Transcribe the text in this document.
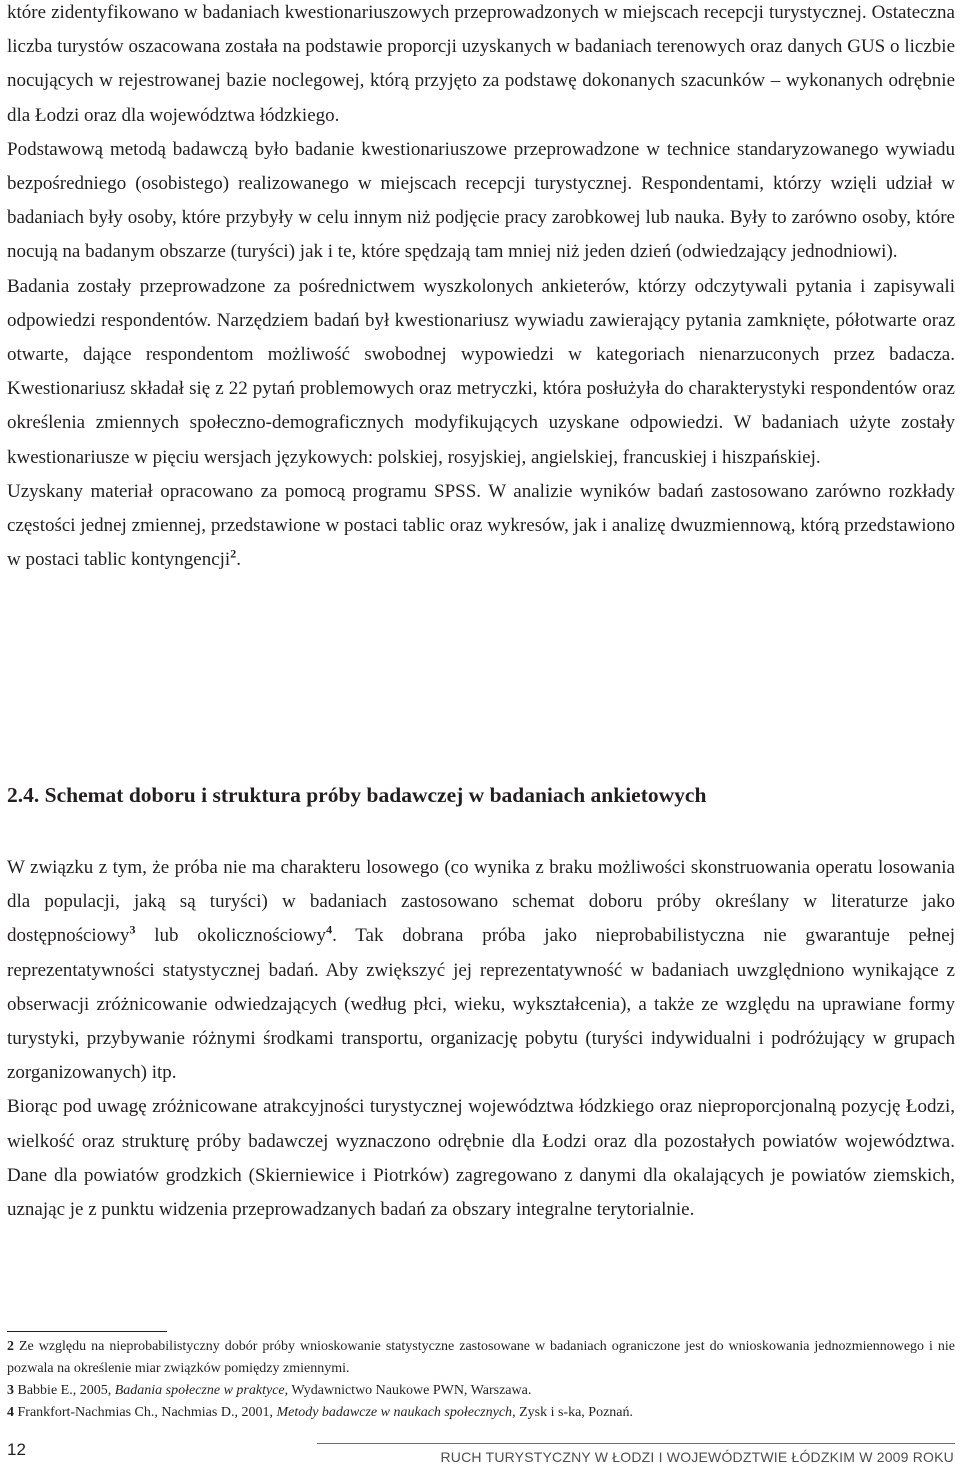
które zidentyfikowano w badaniach kwestionariuszowych przeprowadzonych w miejscach recepcji turystycznej. Ostateczna liczba turystów oszacowana została na podstawie proporcji uzyskanych w badaniach terenowych oraz danych GUS o liczbie nocujących w rejestrowanej bazie noclegowej, którą przyjęto za podstawę dokonanych szacunków – wykonanych odrębnie dla Łodzi oraz dla województwa łódzkiego.

Podstawową metodą badawczą było badanie kwestionariuszowe przeprowadzone w technice standaryzowanego wywiadu bezpośredniego (osobistego) realizowanego w miejscach recepcji turystycznej. Respondentami, którzy wzięli udział w badaniach były osoby, które przybyły w celu innym niż podjęcie pracy zarobkowej lub nauka. Były to zarówno osoby, które nocują na badanym obszarze (turyści) jak i te, które spędzają tam mniej niż jeden dzień (odwiedzający jednodniowi).

Badania zostały przeprowadzone za pośrednictwem wyszkolonych ankieterów, którzy odczytywali pytania i zapisywali odpowiedzi respondentów. Narzędziem badań był kwestionariusz wywiadu zawierający pytania zamknięte, półotwarte oraz otwarte, dające respondentom możliwość swobodnej wypowiedzi w kategoriach nienarzuconych przez badacza. Kwestionariusz składał się z 22 pytań problemowych oraz metryczki, która posłużyła do charakterystyki respondentów oraz określenia zmiennych społeczno-demograficznych modyfikujących uzyskane odpowiedzi. W badaniach użyte zostały kwestionariusze w pięciu wersjach językowych: polskiej, rosyjskiej, angielskiej, francuskiej i hiszpańskiej.

Uzyskany materiał opracowano za pomocą programu SPSS. W analizie wyników badań zastosowano zarówno rozkłady częstości jednej zmiennej, przedstawione w postaci tablic oraz wykresów, jak i analizę dwuzmiennową, którą przedstawiono w postaci tablic kontyngencji$^2$.

2.4. Schemat doboru i struktura próby badawczej w badaniach ankietowych

W związku z tym, że próba nie ma charakteru losowego (co wynika z braku możliwości skonstruowania operatu losowania dla populacji, jaką są turyści) w badaniach zastosowano schemat doboru próby określany w literaturze jako dostępnościowy$^3$ lub okolicznościowy$^4$. Tak dobrana próba jako nieprobabilistyczna nie gwarantuje pełnej reprezentatywności statystycznej badań. Aby zwiększyć jej reprezentatywność w badaniach uwzględniono wynikające z obserwacji zróżnicowanie odwiedzających (według płci, wieku, wykształcenia), a także ze względu na uprawiane formy turystyki, przybywanie różnymi środkami transportu, organizację pobytu (turyści indywidualni i podróżujący w grupach zorganizowanych) itp.

Biorąc pod uwagę zróżnicowane atrakcyjności turystycznej województwa łódzkiego oraz nieproporcjonalną pozycję Łodzi, wielkość oraz strukturę próby badawczej wyznaczono odrębnie dla Łodzi oraz dla pozostałych powiatów województwa. Dane dla powiatów grodzkich (Skierniewice i Piotrków) zagregowano z danymi dla okalających je powiatów ziemskich, uznając je z punktu widzenia przeprowadzanych badań za obszary integralne terytorialnie.

2 Ze względu na nieprobabilistyczny dobór próby wnioskowanie statystyczne zastosowane w badaniach ograniczone jest do wnioskowania jednozmiennowego i nie pozwala na określenie miar związków pomiędzy zmiennymi.

3 Babbie E., 2005, Badania społeczne w praktyce, Wydawnictwo Naukowe PWN, Warszawa.

4 Frankfort-Nachmias Ch., Nachmias D., 2001, Metody badawcze w naukach społecznych, Zysk i s-ka, Poznań.

12	RUCH TURYSTYCZNY W ŁODZI I WOJEWÓDZTWIE ŁÓDZKIM W 2009 ROKU
